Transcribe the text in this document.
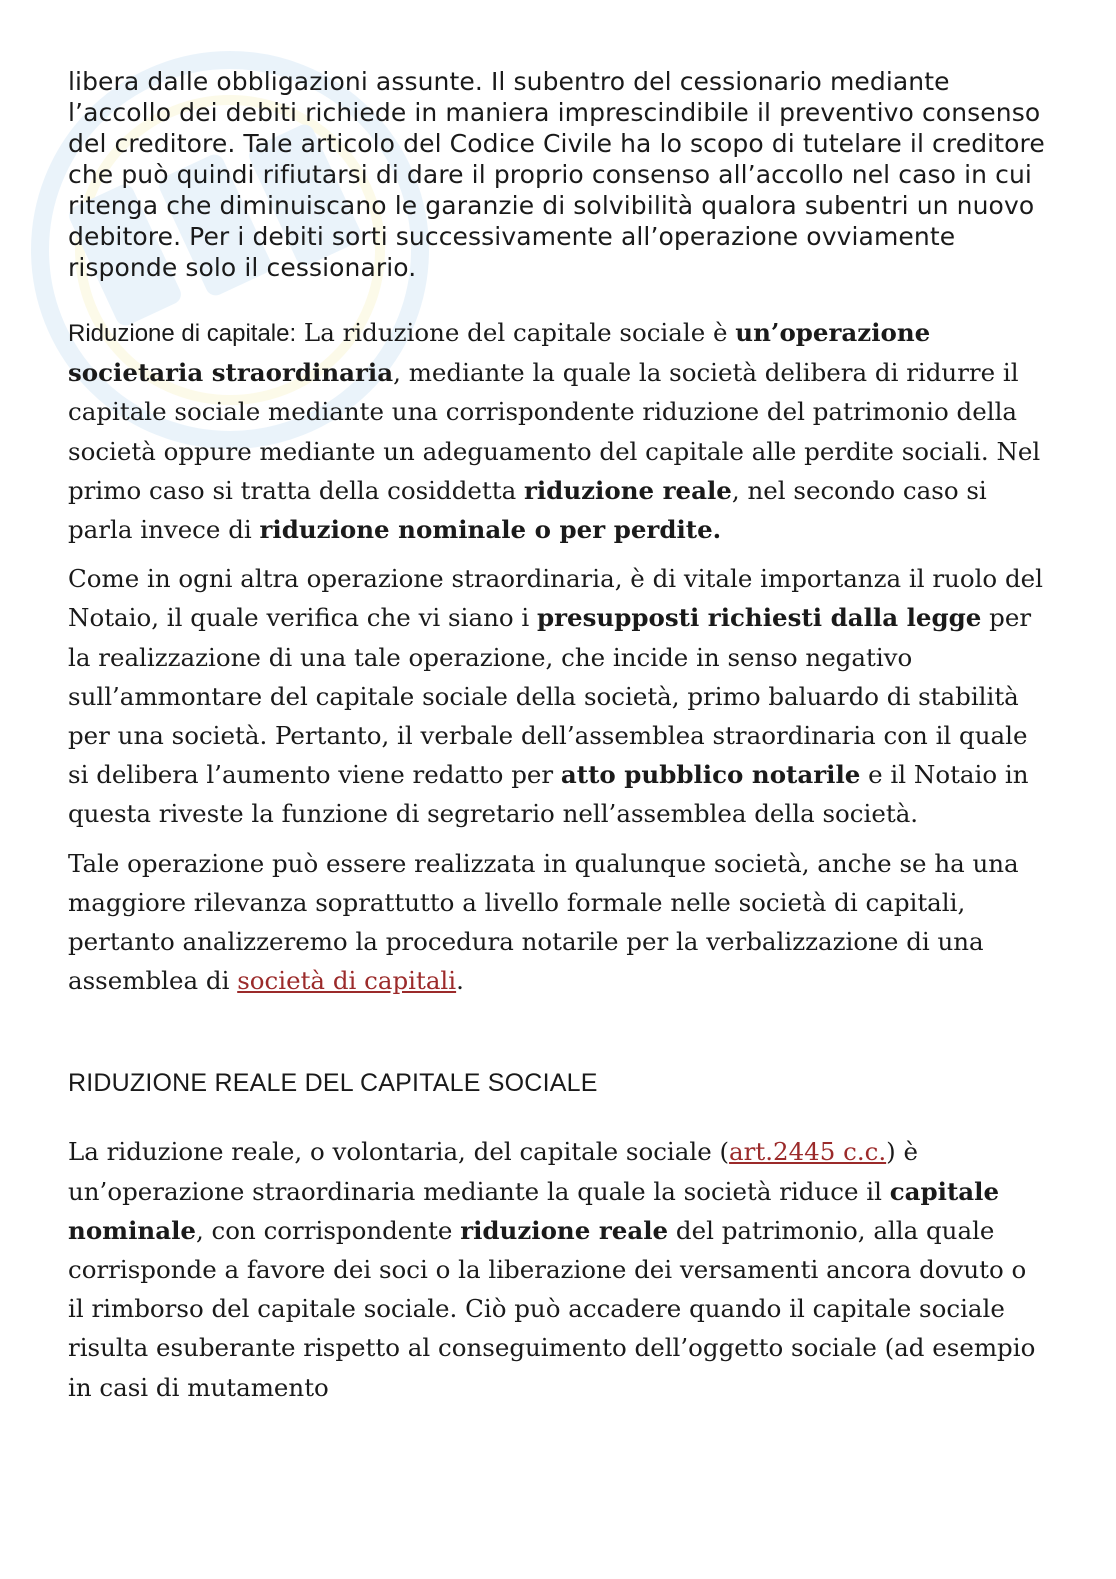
libera dalle obbligazioni assunte. Il subentro del cessionario mediante l’accollo dei debiti richiede in maniera imprescindibile il preventivo consenso del creditore. Tale articolo del Codice Civile ha lo scopo di tutelare il creditore che può quindi rifiutarsi di dare il proprio consenso all’accollo nel caso in cui ritenga che diminuiscano le garanzie di solvibilità qualora subentri un nuovo debitore. Per i debiti sorti successivamente all’operazione ovviamente risponde solo il cessionario.

Riduzione di capitale: La riduzione del capitale sociale è un’operazione societaria straordinaria, mediante la quale la società delibera di ridurre il capitale sociale mediante una corrispondente riduzione del patrimonio della società oppure mediante un adeguamento del capitale alle perdite sociali. Nel primo caso si tratta della cosiddetta riduzione reale, nel secondo caso si parla invece di riduzione nominale o per perdite.

Come in ogni altra operazione straordinaria, è di vitale importanza il ruolo del Notaio, il quale verifica che vi siano i presupposti richiesti dalla legge per la realizzazione di una tale operazione, che incide in senso negativo sull’ammontare del capitale sociale della società, primo baluardo di stabilità per una società. Pertanto, il verbale dell’assemblea straordinaria con il quale si delibera l’aumento viene redatto per atto pubblico notarile e il Notaio in questa riveste la funzione di segretario nell’assemblea della società.

Tale operazione può essere realizzata in qualunque società, anche se ha una maggiore rilevanza soprattutto a livello formale nelle società di capitali, pertanto analizzeremo la procedura notarile per la verbalizzazione di una assemblea di società di capitali.

RIDUZIONE REALE DEL CAPITALE SOCIALE

La riduzione reale, o volontaria, del capitale sociale (art.2445 c.c.) è un’operazione straordinaria mediante la quale la società riduce il capitale nominale, con corrispondente riduzione reale del patrimonio, alla quale corrisponde a favore dei soci o la liberazione dei versamenti ancora dovuto o il rimborso del capitale sociale. Ciò può accadere quando il capitale sociale risulta esuberante rispetto al conseguimento dell’oggetto sociale (ad esempio in casi di mutamento
